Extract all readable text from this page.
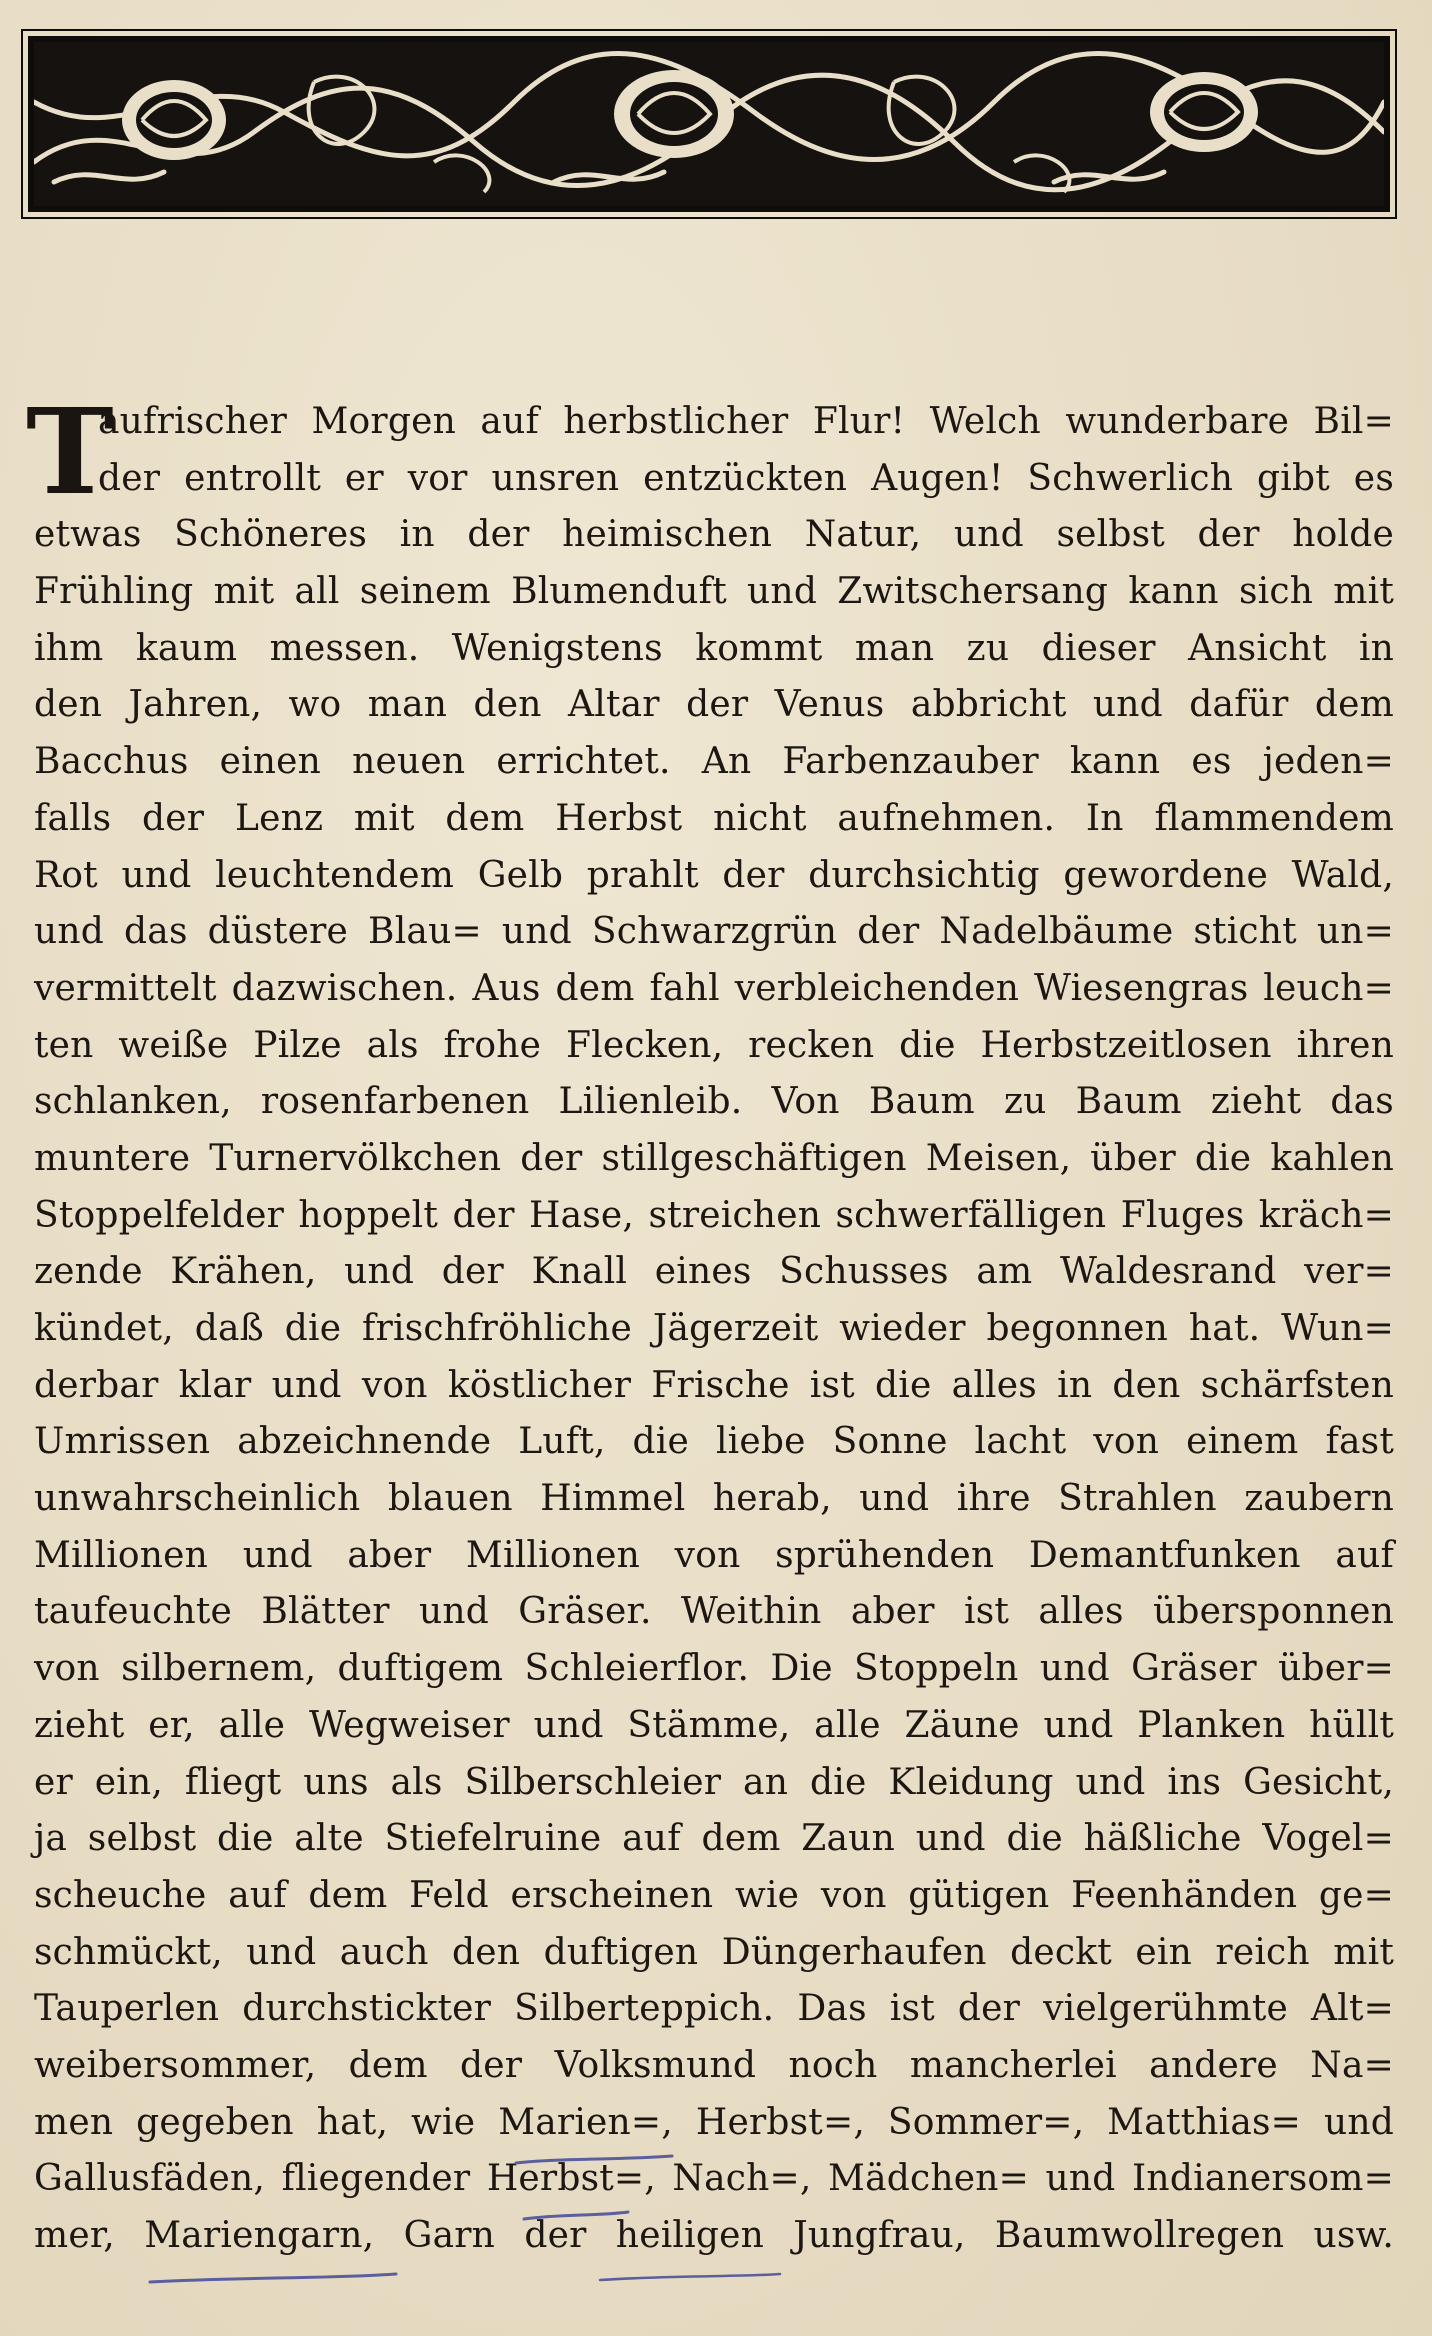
T
aufrischer Morgen auf herbstlicher Flur! Welch wunderbare Bil=
der entrollt er vor unsren entzückten Augen! Schwerlich gibt es
etwas Schöneres in der heimischen Natur, und selbst der holde
Frühling mit all seinem Blumenduft und Zwitschersang kann sich mit
ihm kaum messen. Wenigstens kommt man zu dieser Ansicht in
den Jahren, wo man den Altar der Venus abbricht und dafür dem
Bacchus einen neuen errichtet. An Farbenzauber kann es jeden=
falls der Lenz mit dem Herbst nicht aufnehmen. In flammendem
Rot und leuchtendem Gelb prahlt der durchsichtig gewordene Wald,
und das düstere Blau= und Schwarzgrün der Nadelbäume sticht un=
vermittelt dazwischen. Aus dem fahl verbleichenden Wiesengras leuch=
ten weiße Pilze als frohe Flecken, recken die Herbstzeitlosen ihren
schlanken, rosenfarbenen Lilienleib. Von Baum zu Baum zieht das
muntere Turnervölkchen der stillgeschäftigen Meisen, über die kahlen
Stoppelfelder hoppelt der Hase, streichen schwerfälligen Fluges kräch=
zende Krähen, und der Knall eines Schusses am Waldesrand ver=
kündet, daß die frischfröhliche Jägerzeit wieder begonnen hat. Wun=
derbar klar und von köstlicher Frische ist die alles in den schärfsten
Umrissen abzeichnende Luft, die liebe Sonne lacht von einem fast
unwahrscheinlich blauen Himmel herab, und ihre Strahlen zaubern
Millionen und aber Millionen von sprühenden Demantfunken auf
taufeuchte Blätter und Gräser. Weithin aber ist alles übersponnen
von silbernem, duftigem Schleierflor. Die Stoppeln und Gräser über=
zieht er, alle Wegweiser und Stämme, alle Zäune und Planken hüllt
er ein, fliegt uns als Silberschleier an die Kleidung und ins Gesicht,
ja selbst die alte Stiefelruine auf dem Zaun und die häßliche Vogel=
scheuche auf dem Feld erscheinen wie von gütigen Feenhänden ge=
schmückt, und auch den duftigen Düngerhaufen deckt ein reich mit
Tauperlen durchstickter Silberteppich. Das ist der vielgerühmte Alt=
weibersommer, dem der Volksmund noch mancherlei andere Na=
men gegeben hat, wie Marien=, Herbst=, Sommer=, Matthias= und
Gallusfäden, fliegender Herbst=, Nach=, Mädchen= und Indianersom=
mer, Mariengarn, Garn der heiligen Jungfrau, Baumwollregen usw.
